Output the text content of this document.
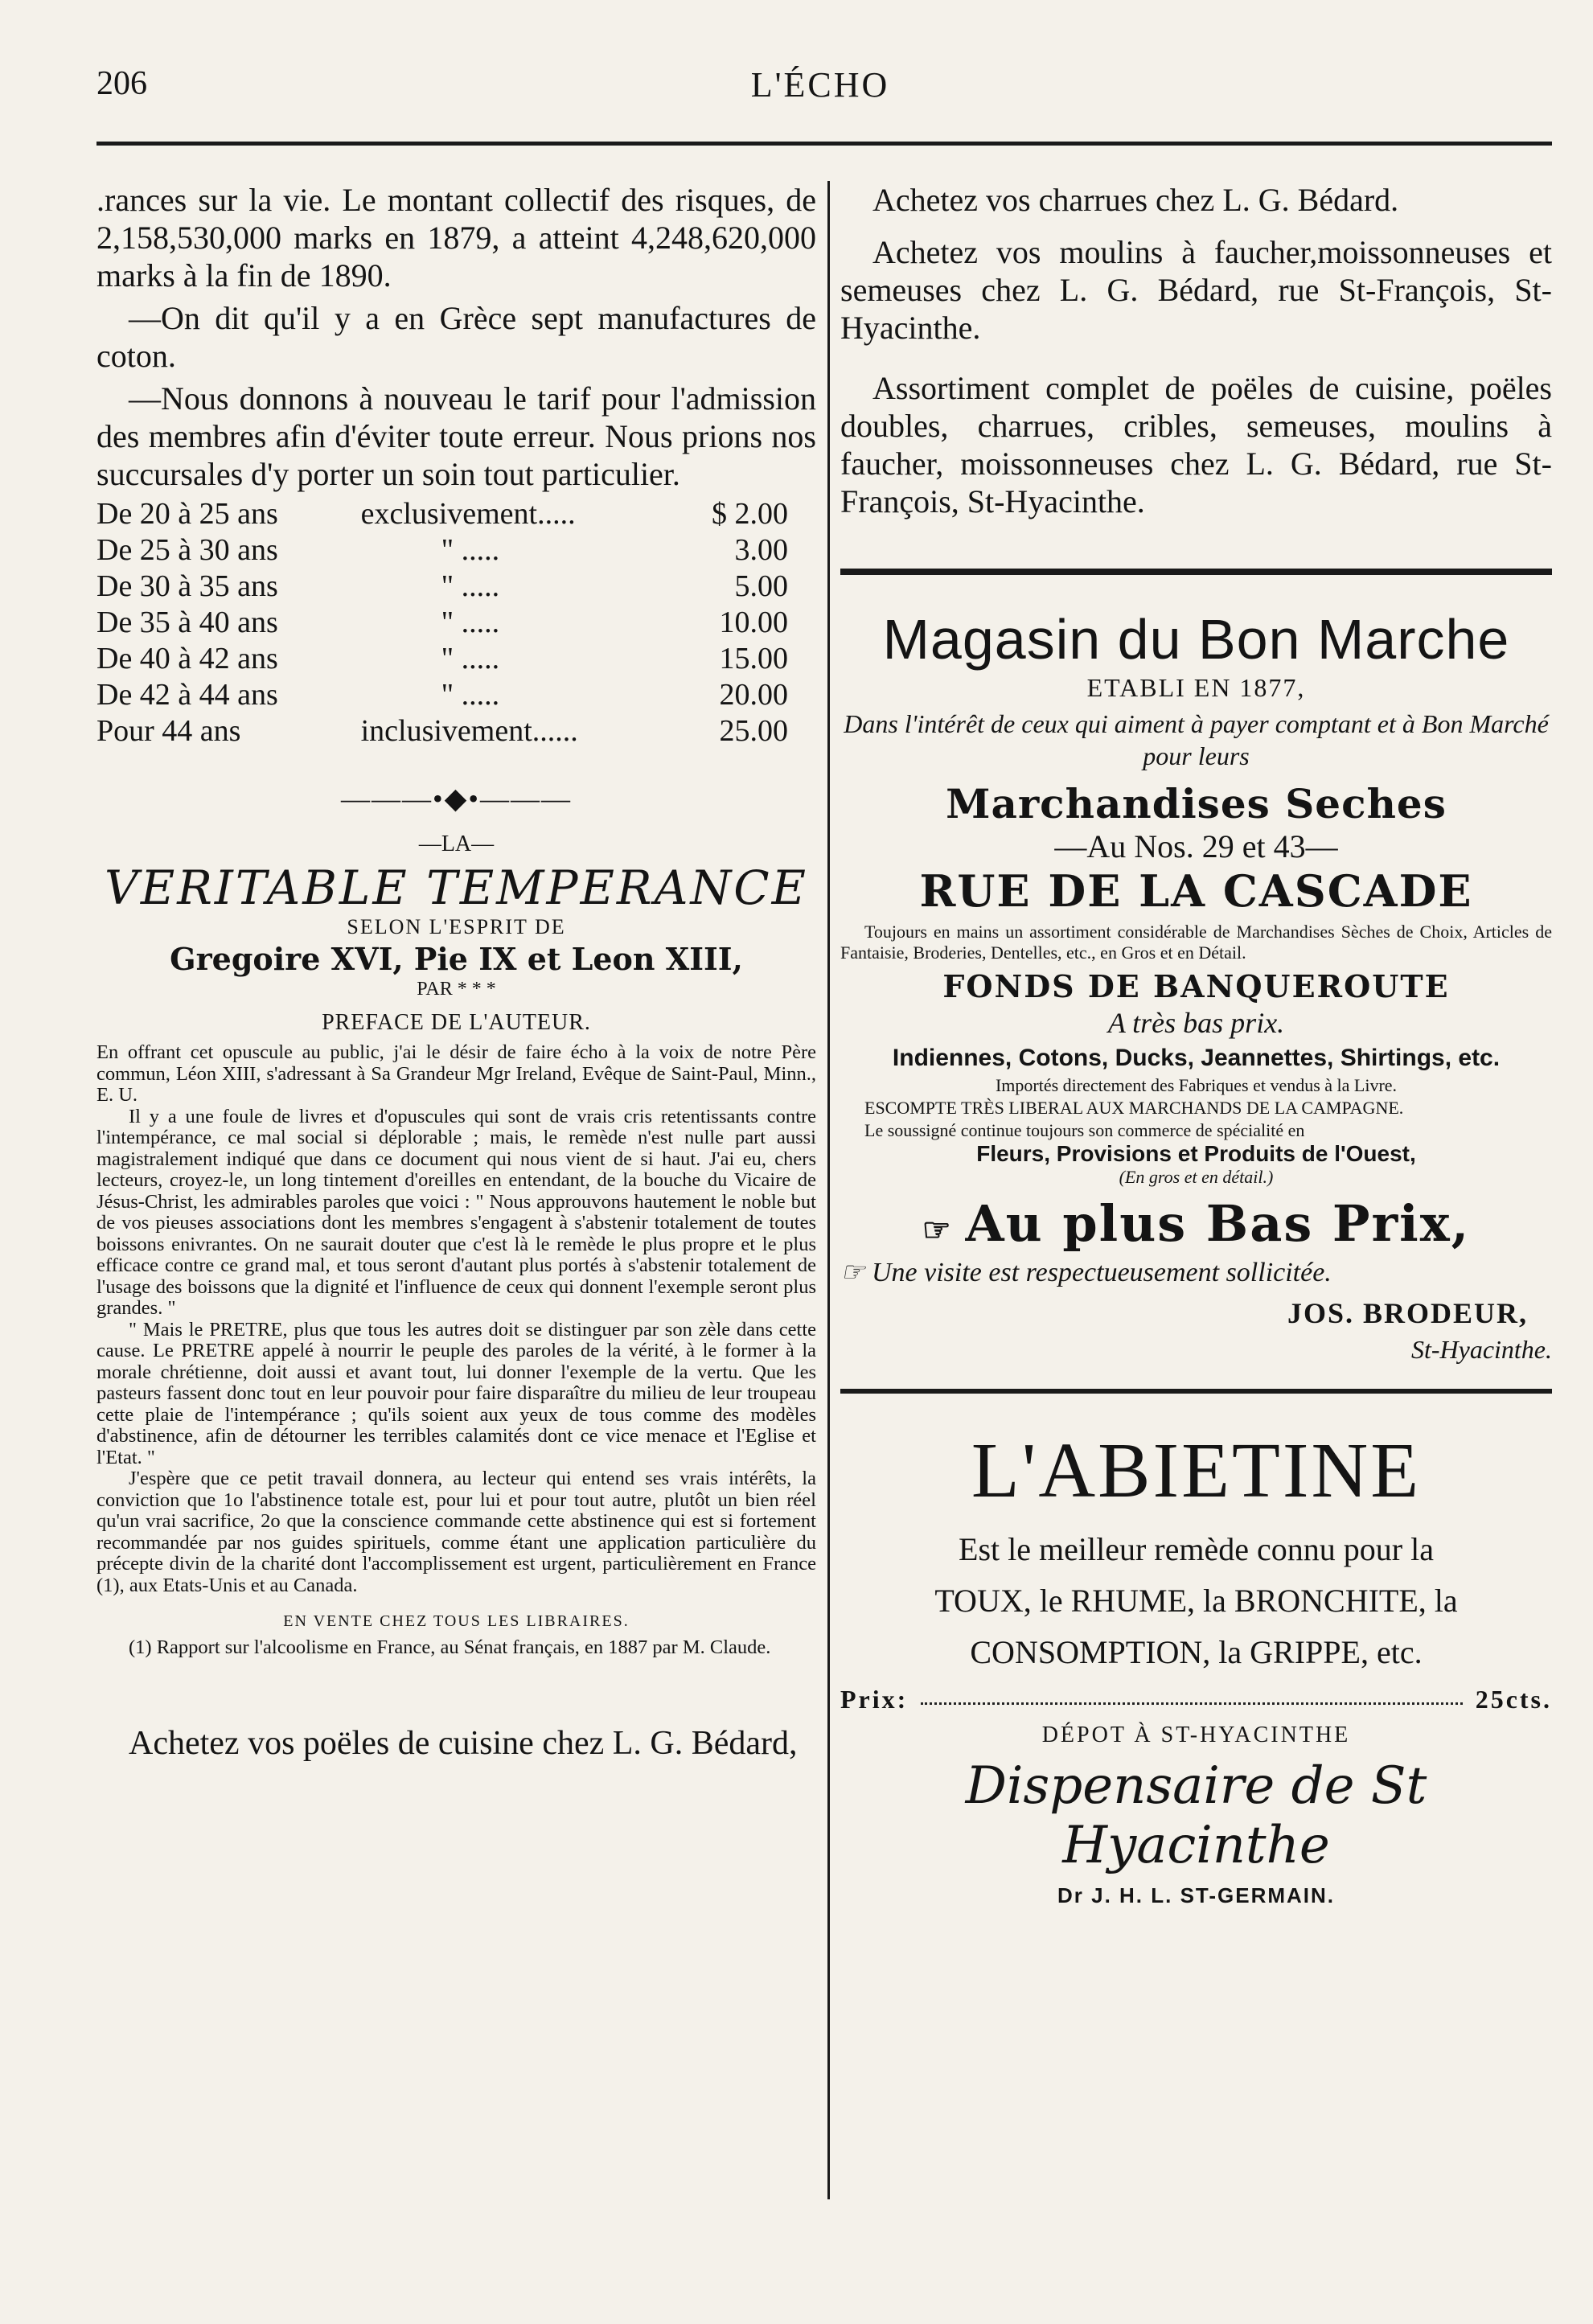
206	L'ÉCHO

.rances sur la vie. Le montant collectif des risques, de 2,158,530,000 marks en 1879, a atteint 4,248,620,000 marks à la fin de 1890.

—On dit qu'il y a en Grèce sept manufactures de coton.

—Nous donnons à nouveau le tarif pour l'admission des membres afin d'éviter toute erreur. Nous prions nos succursales d'y porter un soin tout particulier.

De 20 à 25 ans	exclusivement.....	$ 2.00
De 25 à 30 ans	" .....	3.00
De 30 à 35 ans	" .....	5.00
De 35 à 40 ans	" .....	10.00
De 40 à 42 ans	" .....	15.00
De 42 à 44 ans	" .....	20.00
Pour 44 ans	inclusivement......	25.00
———•◆•———
—LA—
VERITABLE TEMPERANCE
SELON L'ESPRIT DE
Gregoire XVI, Pie IX et Leon XIII,
PAR * * *
PREFACE DE L'AUTEUR.

En offrant cet opuscule au public, j'ai le désir de faire écho à la voix de notre Père commun, Léon XIII, s'adressant à Sa Grandeur Mgr Ireland, Evêque de Saint-Paul, Minn., E. U.

Il y a une foule de livres et d'opuscules qui sont de vrais cris retentissants contre l'intempérance, ce mal social si déplorable ; mais, le remède n'est nulle part aussi magistralement indiqué que dans ce document qui nous vient de si haut. J'ai eu, chers lecteurs, croyez-le, un long tintement d'oreilles en entendant, de la bouche du Vicaire de Jésus-Christ, les admirables paroles que voici : " Nous approuvons hautement le noble but de vos pieuses associations dont les membres s'engagent à s'abstenir totalement de toutes boissons enivrantes. On ne saurait douter que c'est là le remède le plus propre et le plus efficace contre ce grand mal, et tous seront d'autant plus portés à s'abstenir totalement de l'usage des boissons que la dignité et l'influence de ceux qui donnent l'exemple seront plus grandes. "

" Mais le PRETRE, plus que tous les autres doit se distinguer par son zèle dans cette cause. Le PRETRE appelé à nourrir le peuple des paroles de la vérité, à le former à la morale chrétienne, doit aussi et avant tout, lui donner l'exemple de la vertu. Que les pasteurs fassent donc tout en leur pouvoir pour faire disparaître du milieu de leur troupeau cette plaie de l'intempérance ; qu'ils soient aux yeux de tous comme des modèles d'abstinence, afin de détourner les terribles calamités dont ce vice menace et l'Eglise et l'Etat. "

J'espère que ce petit travail donnera, au lecteur qui entend ses vrais intérêts, la conviction que 1o l'abstinence totale est, pour lui et pour tout autre, plutôt un bien réel qu'un vrai sacrifice, 2o que la conscience commande cette abstinence qui est si fortement recommandée par nos guides spirituels, comme étant une application particulière du précepte divin de la charité dont l'accomplissement est urgent, particulièrement en France (1), aux Etats-Unis et au Canada.

EN VENTE CHEZ TOUS LES LIBRAIRES.

(1) Rapport sur l'alcoolisme en France, au Sénat français, en 1887 par M. Claude.

Achetez vos poëles de cuisine chez L. G. Bédard,

Achetez vos charrues chez L. G. Bédard.

Achetez vos moulins à faucher,moissonneuses et semeuses chez L. G. Bédard, rue St-François, St-Hyacinthe.

Assortiment complet de poëles de cuisine, poëles doubles, charrues, cribles, semeuses, moulins à faucher, moissonneuses chez L. G. Bédard, rue St-François, St-Hyacinthe.

Magasin du Bon Marche
ETABLI EN 1877,
Dans l'intérêt de ceux qui aiment à payer comptant et à Bon Marché pour leurs
Marchandises Seches
—Au Nos. 29 et 43—
RUE DE LA CASCADE

Toujours en mains un assortiment considérable de Marchandises Sèches de Choix, Articles de Fantaisie, Broderies, Dentelles, etc., en Gros et en Détail.

FONDS DE BANQUEROUTE
A très bas prix.
Indiennes, Cotons, Ducks, Jeannettes, Shirtings, etc.

Importés directement des Fabriques et vendus à la Livre.

ESCOMPTE TRÈS LIBERAL AUX MARCHANDS DE LA CAMPAGNE.

Le soussigné continue toujours son commerce de spécialité en

Fleurs, Provisions et Produits de l'Ouest,
(En gros et en détail.)
☞ Au plus Bas Prix,
☞ Une visite est respectueusement sollicitée.
JOS. BRODEUR,
St-Hyacinthe.
L'ABIETINE
Est le meilleur remède connu pour la
TOUX, le RHUME, la BRONCHITE, la
CONSOMPTION, la GRIPPE, etc.
Prix:	25cts.
DÉPOT À ST-HYACINTHE
Dispensaire de St Hyacinthe
Dr J. H. L. ST-GERMAIN.
